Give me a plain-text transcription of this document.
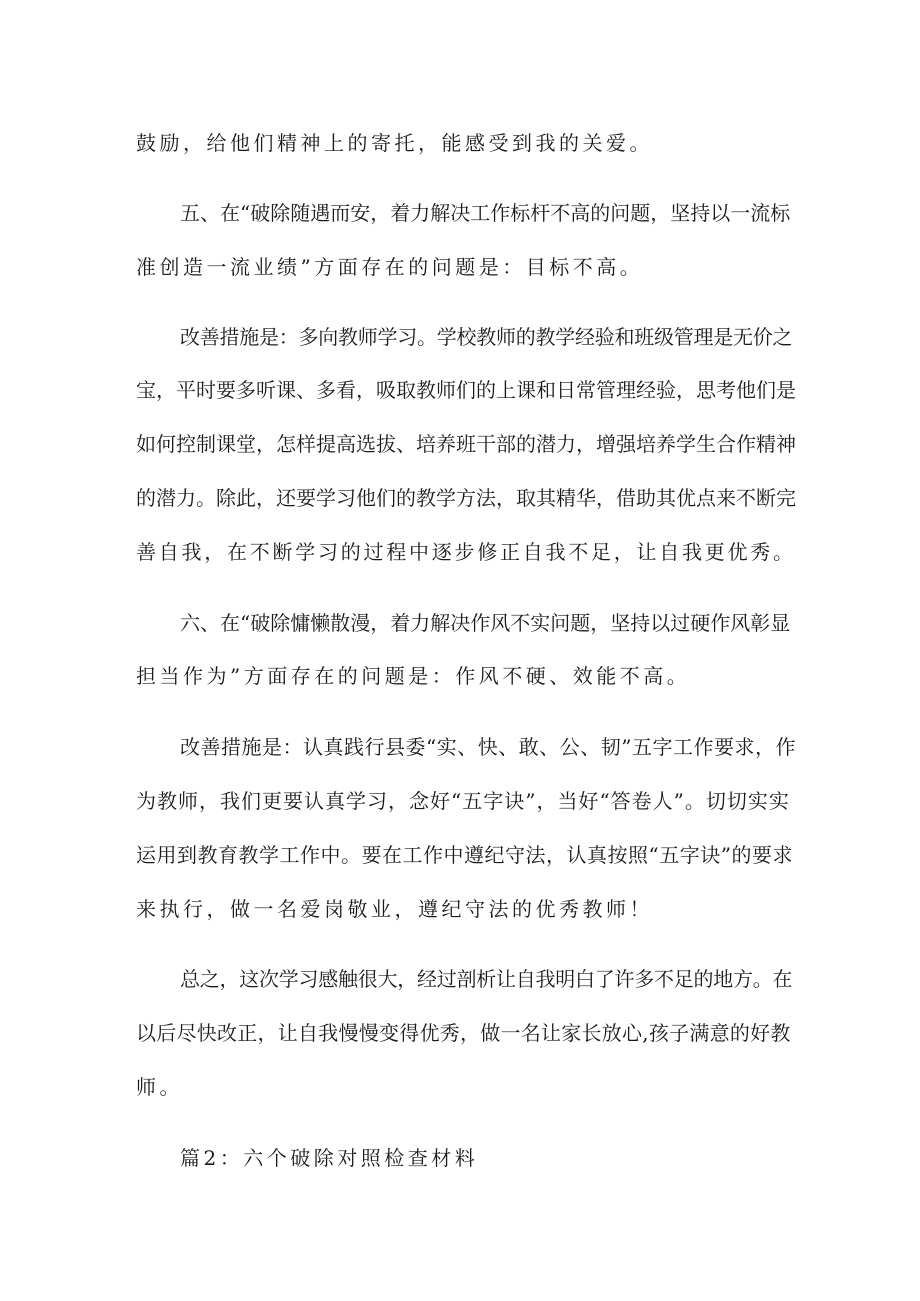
鼓励，给他们精神上的寄托，能感受到我的关爱。

五、在“破除随遇而安，着力解决工作标杆不高的问题，坚持以一流标

准创造一流业绩”方面存在的问题是：目标不高。

改善措施是：多向教师学习。学校教师的教学经验和班级管理是无价之

宝，平时要多听课、多看，吸取教师们的上课和日常管理经验，思考他们是

如何控制课堂，怎样提高选拔、培养班干部的潜力，增强培养学生合作精神

的潜力。除此，还要学习他们的教学方法，取其精华，借助其优点来不断完

善自我，在不断学习的过程中逐步修正自我不足，让自我更优秀。

六、在“破除慵懒散漫，着力解决作风不实问题，坚持以过硬作风彰显

担当作为”方面存在的问题是：作风不硬、效能不高。

改善措施是：认真践行县委“实、快、敢、公、韧”五字工作要求，作

为教师，我们更要认真学习，念好“五字诀”，当好“答卷人”。切切实实

运用到教育教学工作中。要在工作中遵纪守法，认真按照“五字诀”的要求

来执行，做一名爱岗敬业，遵纪守法的优秀教师！

总之，这次学习感触很大，经过剖析让自我明白了许多不足的地方。在

以后尽快改正，让自我慢慢变得优秀，做一名让家长放心,孩子满意的好教

师。

篇2：六个破除对照检查材料
